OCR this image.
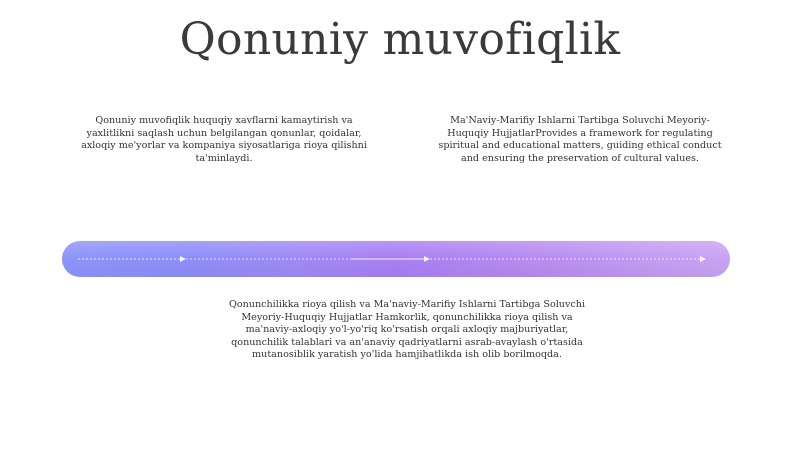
Qonuniy muvofiqlik

Qonuniy muvofiqlik huquqiy xavflarni kamaytirish va yaxlitlikni saqlash uchun belgilangan qonunlar, qoidalar, axloqiy me'yorlar va kompaniya siyosatlariga rioya qilishni ta'minlaydi.

Ma'Naviy-Marifiy Ishlarni Tartibga Soluvchi Meyoriy-Huquqiy HujjatlarProvides a framework for regulating spiritual and educational matters, guiding ethical conduct and ensuring the preservation of cultural values.

Qonunchilikka rioya qilish va Ma'naviy-Marifiy Ishlarni Tartibga Soluvchi Meyoriy-Huquqiy Hujjatlar Hamkorlik, qonunchilikka rioya qilish va ma'naviy-axloqiy yo'l-yo'riq ko'rsatish orqali axloqiy majburiyatlar, qonunchilik talablari va an'anaviy qadriyatlarni asrab-avaylash o'rtasida mutanosiblik yaratish yo'lida hamjihatlikda ish olib borilmoqda.
